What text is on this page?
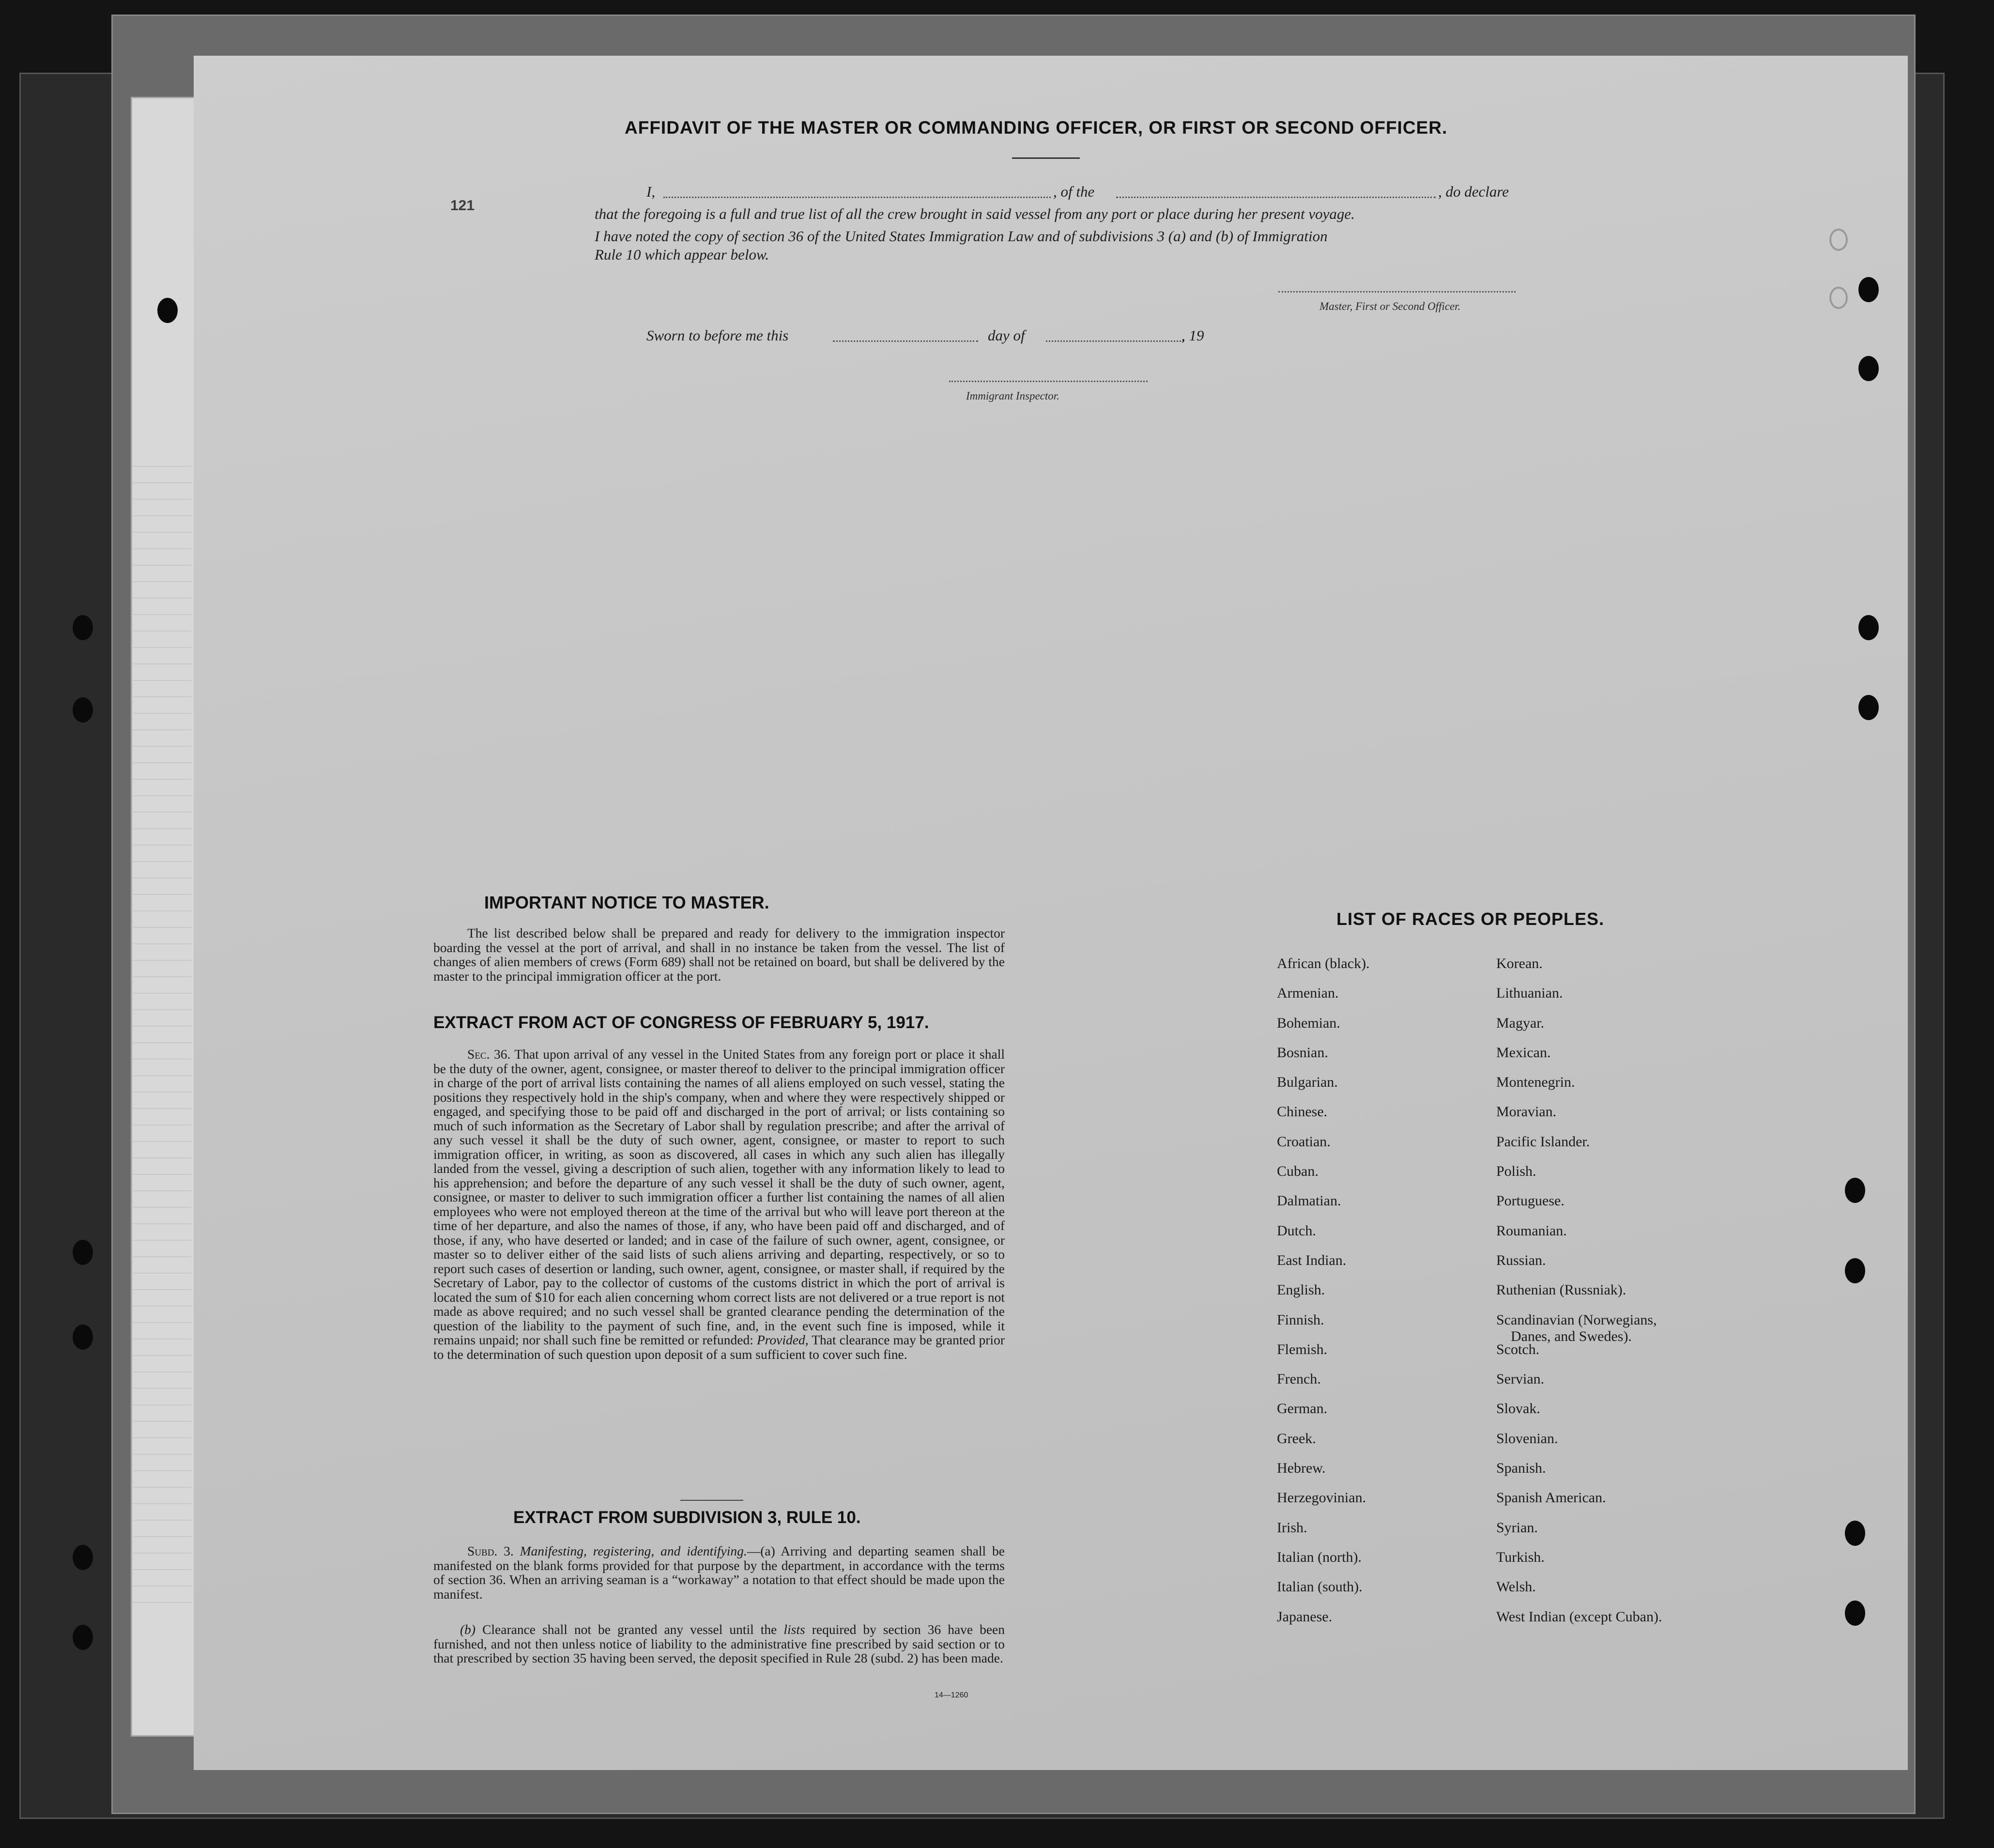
AFFIDAVIT OF THE MASTER OR COMMANDING OFFICER, OR FIRST OR SECOND OFFICER.
121
I,	, of the	, do declare
that the foregoing is a full and true list of all the crew brought in said vessel from any port or place during her present voyage.
I have noted the copy of section 36 of the United States Immigration Law and of subdivisions 3 (a) and (b) of Immigration
Rule 10 which appear below.
Master, First or Second Officer.
Sworn to before me this	day of	, 19
Immigrant Inspector.
IMPORTANT NOTICE TO MASTER.
The list described below shall be prepared and ready for delivery to the immigration inspector boarding the vessel at the port of arrival, and shall in no instance be taken from the vessel. The list of changes of alien members of crews (Form 689) shall not be retained on board, but shall be delivered by the master to the principal immigration officer at the port.
EXTRACT FROM ACT OF CONGRESS OF FEBRUARY 5, 1917.
Sec. 36. That upon arrival of any vessel in the United States from any foreign port or place it shall be the duty of the owner, agent, consignee, or master thereof to deliver to the principal immigration officer in charge of the port of arrival lists containing the names of all aliens employed on such vessel, stating the positions they respectively hold in the ship's company, when and where they were respectively shipped or engaged, and specifying those to be paid off and discharged in the port of arrival; or lists containing so much of such information as the Secretary of Labor shall by regulation prescribe; and after the arrival of any such vessel it shall be the duty of such owner, agent, consignee, or master to report to such immigration officer, in writing, as soon as discovered, all cases in which any such alien has illegally landed from the vessel, giving a description of such alien, together with any information likely to lead to his apprehension; and before the departure of any such vessel it shall be the duty of such owner, agent, consignee, or master to deliver to such immigration officer a further list containing the names of all alien employees who were not employed thereon at the time of the arrival but who will leave port thereon at the time of her departure, and also the names of those, if any, who have been paid off and discharged, and of those, if any, who have deserted or landed; and in case of the failure of such owner, agent, consignee, or master so to deliver either of the said lists of such aliens arriving and departing, respectively, or so to report such cases of desertion or landing, such owner, agent, consignee, or master shall, if required by the Secretary of Labor, pay to the collector of customs of the customs district in which the port of arrival is located the sum of $10 for each alien concerning whom correct lists are not delivered or a true report is not made as above required; and no such vessel shall be granted clearance pending the determination of the question of the liability to the payment of such fine, and, in the event such fine is imposed, while it remains unpaid; nor shall such fine be remitted or refunded: Provided, That clearance may be granted prior to the determination of such question upon deposit of a sum sufficient to cover such fine.
EXTRACT FROM SUBDIVISION 3, RULE 10.
Subd. 3. Manifesting, registering, and identifying.—(a) Arriving and departing seamen shall be manifested on the blank forms provided for that purpose by the department, in accordance with the terms of section 36. When an arriving seaman is a “workaway” a notation to that effect should be made upon the manifest.
  (b) Clearance shall not be granted any vessel until the lists required by section 36 have been furnished, and not then unless notice of liability to the administrative fine prescribed by said section or to that prescribed by section 35 having been served, the deposit specified in Rule 28 (subd. 2) has been made.
14—1260
LIST OF RACES OR PEOPLES.
African (black).
Armenian.
Bohemian.
Bosnian.
Bulgarian.
Chinese.
Croatian.
Cuban.
Dalmatian.
Dutch.
East Indian.
English.
Finnish.
Flemish.
French.
German.
Greek.
Hebrew.
Herzegovinian.
Irish.
Italian (north).
Italian (south).
Japanese.
Korean.
Lithuanian.
Magyar.
Mexican.
Montenegrin.
Moravian.
Pacific Islander.
Polish.
Portuguese.
Roumanian.
Russian.
Ruthenian (Russniak).
Scandinavian (Norwegians,
Danes, and Swedes).
Scotch.
Servian.
Slovak.
Slovenian.
Spanish.
Spanish American.
Syrian.
Turkish.
Welsh.
West Indian (except Cuban).
